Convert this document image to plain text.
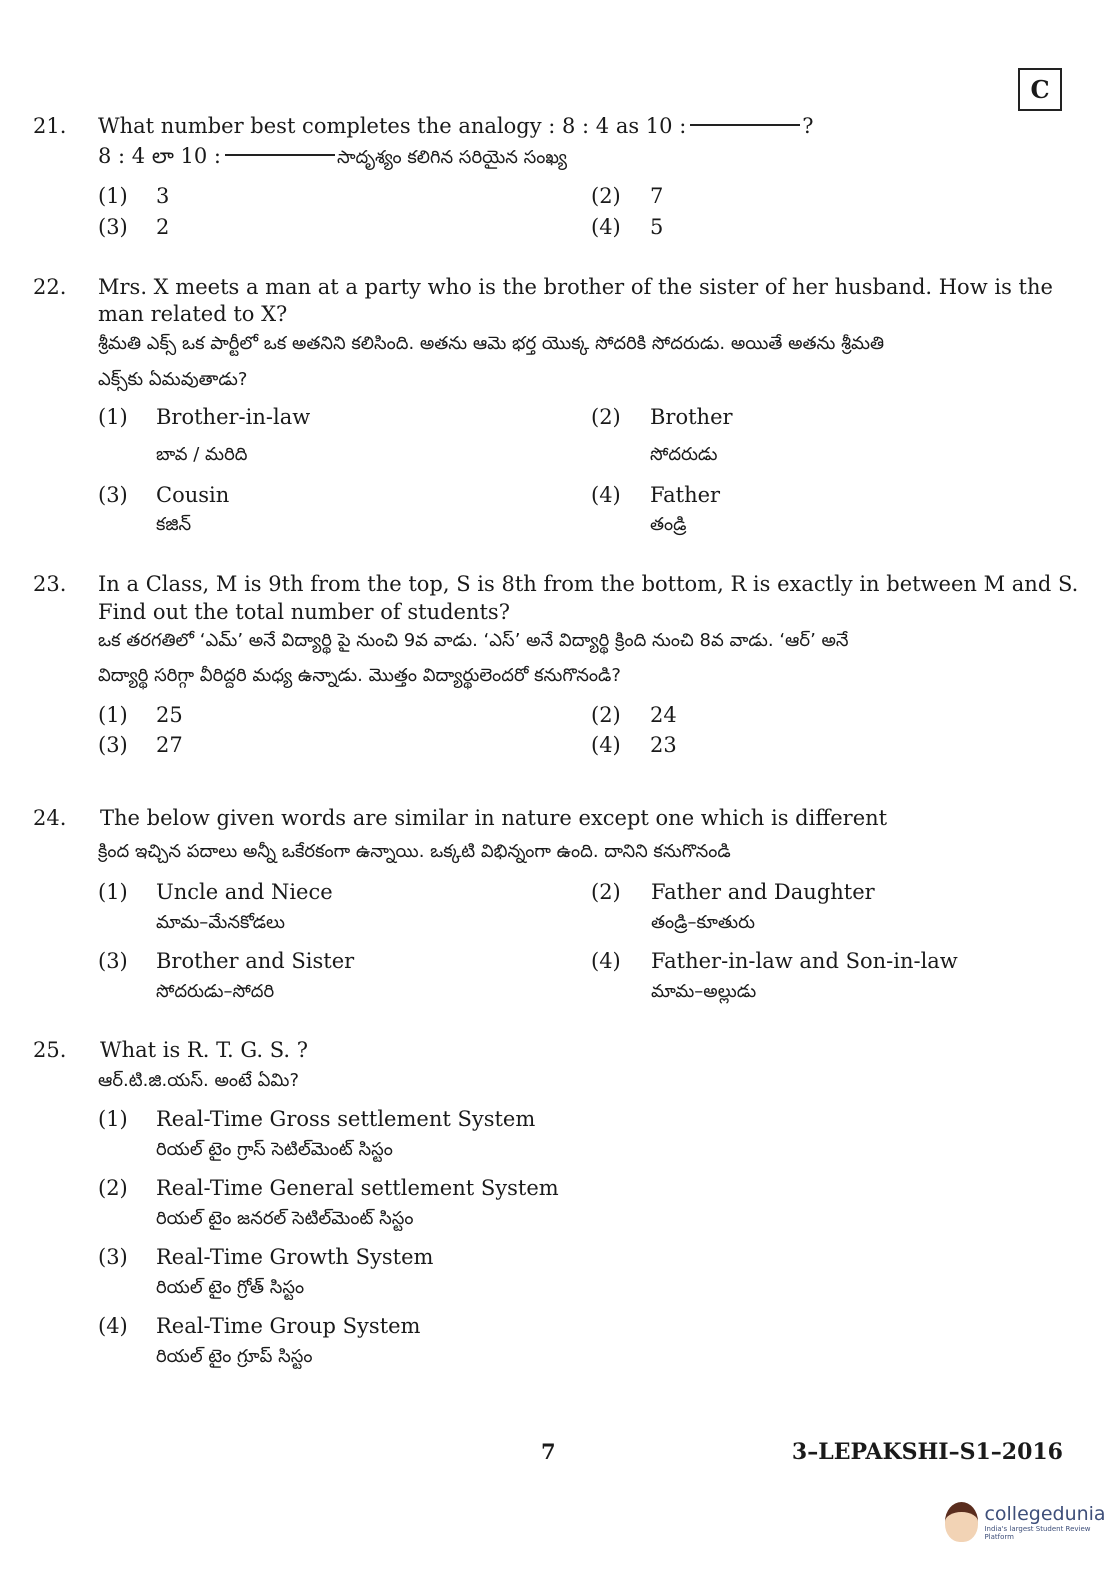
C
21. What number best completes the analogy : 8 : 4 as 10 :	?
8 : 4 లా 10 :	సాదృశ్యం కలిగిన సరియైన సంఖ్య
(1) 3	(2) 7
(3) 2	(4) 5
22. Mrs. X meets a man at a party who is the brother of the sister of her husband. How is the
man related to X?
శ్రీమతి ఎక్స్ ఒక పార్టీలో ఒక అతనిని కలిసింది. అతను ఆమె భర్త యొక్క సోదరికి సోదరుడు. అయితే అతను శ్రీమతి
ఎక్స్‌కు ఏమవుతాడు?
(1) Brother-in-law
బావ / మరిది
(2) Brother
సోదరుడు
(3) Cousin
కజిన్
(4) Father
తండ్రి
23. In a Class, M is 9th from the top, S is 8th from the bottom, R is exactly in between M and S.
Find out the total number of students?
ఒక తరగతిలో ‘ఎమ్’ అనే విద్యార్థి పై నుంచి 9వ వాడు. ‘ఎస్’ అనే విద్యార్థి క్రింది నుంచి 8వ వాడు. ‘ఆర్’ అనే
విద్యార్థి సరిగ్గా వీరిద్దరి మధ్య ఉన్నాడు. మొత్తం విద్యార్థులెందరో కనుగొనండి?
(1) 25	(2) 24
(3) 27	(4) 23
24. The below given words are similar in nature except one which is different
క్రింద ఇచ్చిన పదాలు అన్నీ ఒకేరకంగా ఉన్నాయి. ఒక్కటి విభిన్నంగా ఉంది. దానిని కనుగొనండి
(1) Uncle and Niece
మామ–మేనకోడలు
(2) Father and Daughter
తండ్రి–కూతురు
(3) Brother and Sister
సోదరుడు–సోదరి
(4) Father-in-law and Son-in-law
మామ–అల్లుడు
25. What is R. T. G. S. ?
ఆర్.టి.జి.యస్. అంటే ఏమి?
(1) Real-Time Gross settlement System
రియల్ టైం గ్రాస్ సెటిల్‌మెంట్ సిస్టం
(2) Real-Time General settlement System
రియల్ టైం జనరల్ సెటిల్‌మెంట్ సిస్టం
(3) Real-Time Growth System
రియల్ టైం గ్రోత్ సిస్టం
(4) Real-Time Group System
రియల్ టైం గ్రూప్ సిస్టం
7	3–LEPAKSHI–S1–2016
collegedunia
India's largest Student Review Platform
